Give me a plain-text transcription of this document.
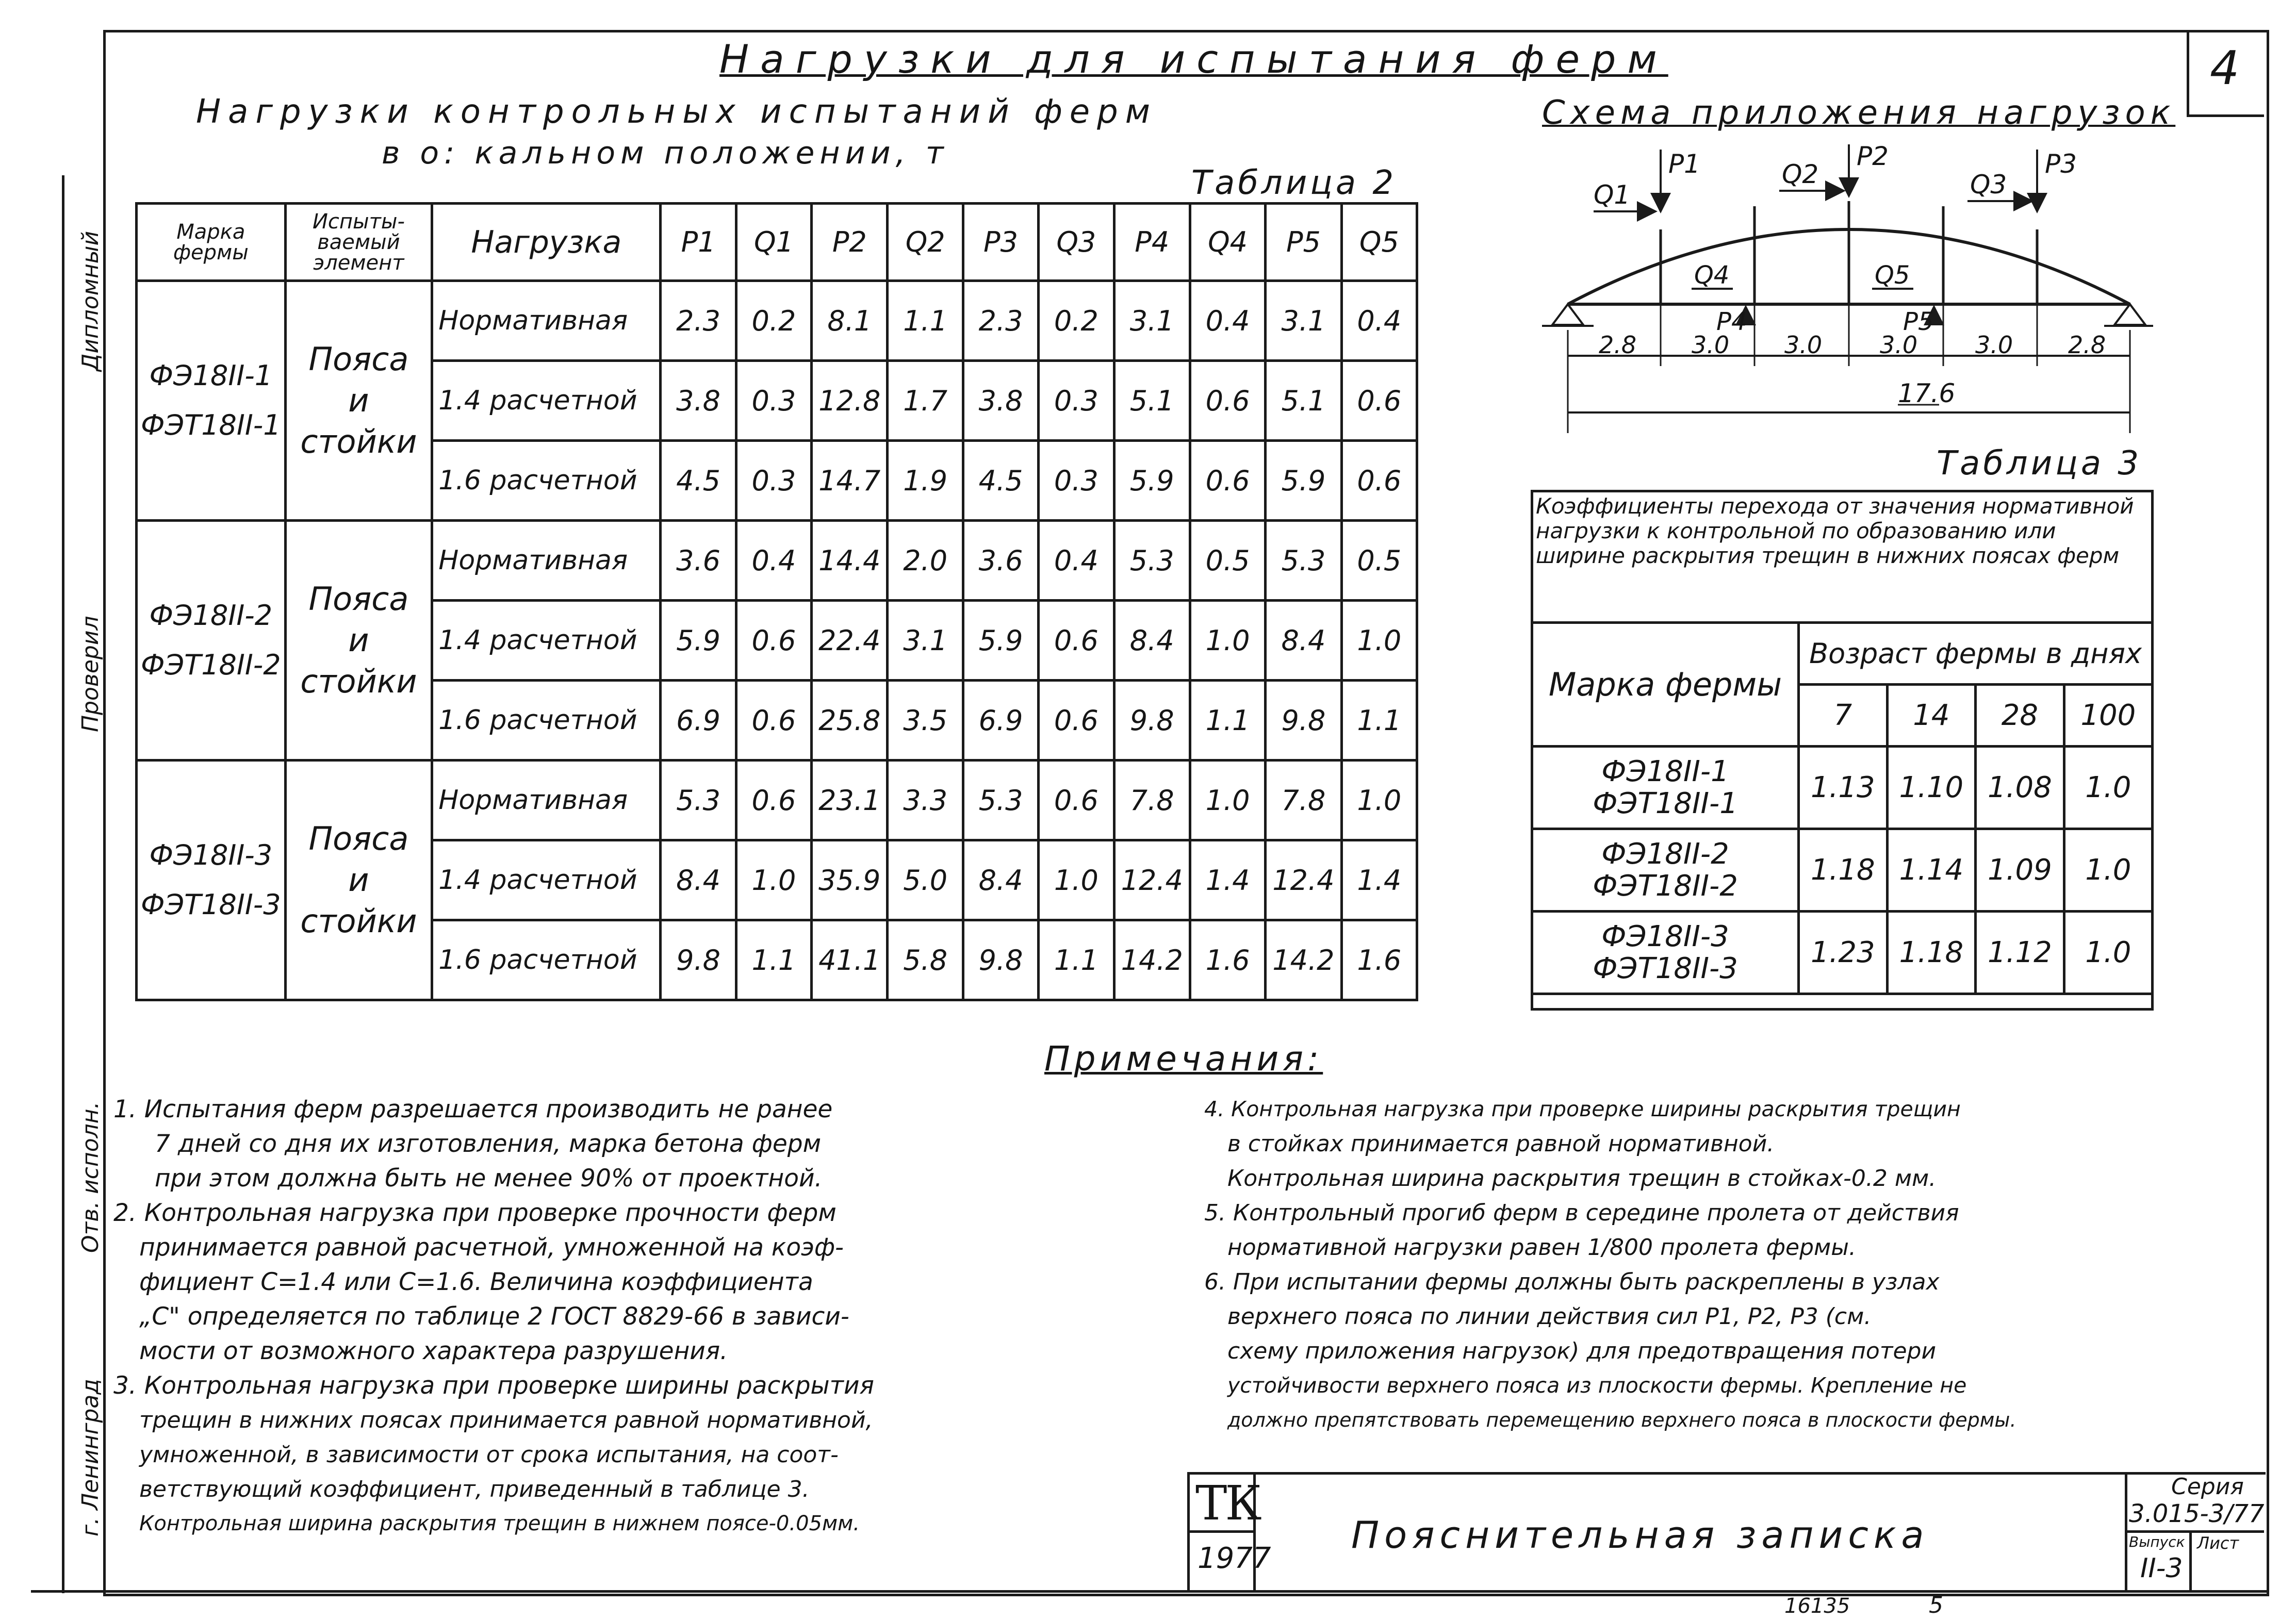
Дипломный
Проверил
Отв. исполн.
г. Ленинград
4
Нагрузки для испытания ферм
Нагрузки контрольных испытаний ферм
в о: кальном положении, т
Таблица 2
Марка фермы	Испыты- ваемый элемент	Нагрузка	P1	Q1	P2	Q2	P3	Q3	P4	Q4	P5	Q5

ФЭ18II-1
ФЭТ18II-1	Пояса и стойки	Нормативная	2.3	0.2	8.1	1.1	2.3	0.2	3.1	0.4	3.1	0.4
		1.4 расчетной	3.8	0.3	12.8	1.7	3.8	0.3	5.1	0.6	5.1	0.6
		1.6 расчетной	4.5	0.3	14.7	1.9	4.5	0.3	5.9	0.6	5.9	0.6

ФЭ18II-2
ФЭТ18II-2	Пояса и стойки	Нормативная	3.6	0.4	14.4	2.0	3.6	0.4	5.3	0.5	5.3	0.5
		1.4 расчетной	5.9	0.6	22.4	3.1	5.9	0.6	8.4	1.0	8.4	1.0
		1.6 расчетной	6.9	0.6	25.8	3.5	6.9	0.6	9.8	1.1	9.8	1.1

ФЭ18II-3
ФЭТ18II-3	Пояса и стойки	Нормативная	5.3	0.6	23.1	3.3	5.3	0.6	7.8	1.0	7.8	1.0
		1.4 расчетной	8.4	1.0	35.9	5.0	8.4	1.0	12.4	1.4	12.4	1.4
		1.6 расчетной	9.8	1.1	41.1	5.8	9.8	1.1	14.2	1.6	14.2	1.6
Схема приложения нагрузок
Q1
P1	Q2
P2
Q3
P3
Q4	Q5
P4	P5
2.8 3.0 3.0 3.0 3.0 2.8
17.6
Таблица 3
Коэффициенты перехода от значения нормативной нагрузки к контрольной по образованию или ширине раскрытия трещин в нижних поясах ферм
Марка фермы	Возраст фермы в днях			
	7	14	28	100

ФЭ18II-1
ФЭТ18II-1	1.13	1.10	1.08	1.0

ФЭ18II-2
ФЭТ18II-2	1.18	1.14	1.09	1.0

ФЭ18II-3
ФЭТ18II-3	1.23	1.18	1.12	1.0
Примечания:

1. Испытания ферм разрешается производить не ранее

7 дней со дня их изготовления, марка бетона ферм

при этом должна быть не менее 90% от проектной.

2. Контрольная нагрузка при проверке прочности ферм

принимается равной расчетной, умноженной на коэф-

фициент С=1.4 или С=1.6. Величина коэффициента

„С" определяется по таблице 2 ГОСТ 8829-66 в зависи-

мости от возможного характера разрушения.

3. Контрольная нагрузка при проверке ширины раскрытия

трещин в нижних поясах принимается равной нормативной,

умноженной, в зависимости от срока испытания, на соот-

ветствующий коэффициент, приведенный в таблице 3.

Контрольная ширина раскрытия трещин в нижнем поясе-0.05мм.

4. Контрольная нагрузка при проверке ширины раскрытия трещин

в стойках принимается равной нормативной.

Контрольная ширина раскрытия трещин в стойках-0.2 мм.

5. Контрольный прогиб ферм в середине пролета от действия

нормативной нагрузки равен 1/800 пролета фермы.

6. При испытании фермы должны быть раскреплены в узлах

верхнего пояса по линии действия сил P1, P2, P3 (см.

схему приложения нагрузок) для предотвращения потери

устойчивости верхнего пояса из плоскости фермы. Крепление не

должно препятствовать перемещению верхнего пояса в плоскости фермы.

ТК
1977
Пояснительная записка
Серия
3.015-3/77
Выпуск Лист
II-3
16135	5
